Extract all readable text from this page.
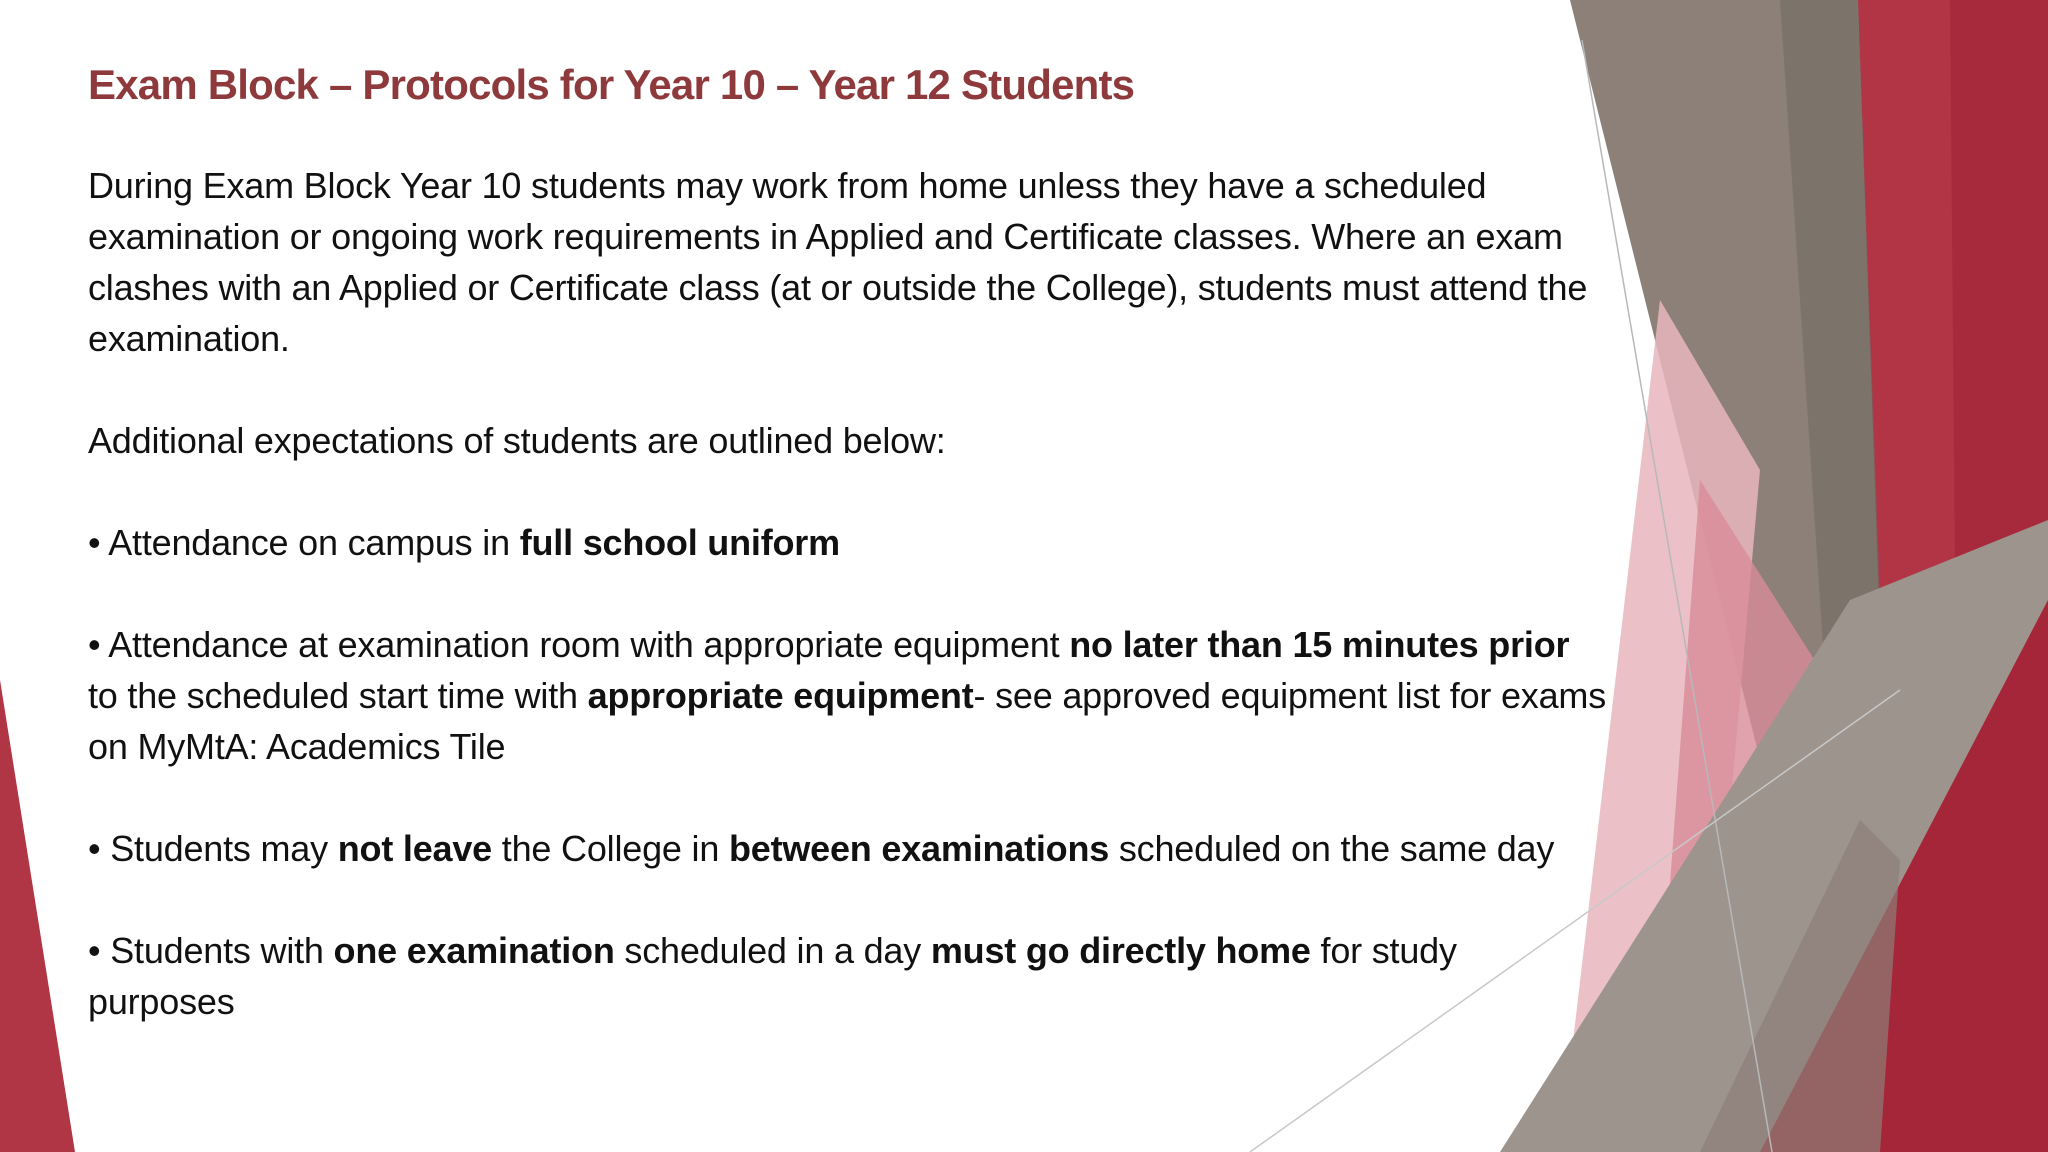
Exam Block – Protocols for Year 10 – Year 12 Students

During Exam Block Year 10 students may work from home unless they have a scheduled examination or ongoing work requirements in Applied and Certificate classes. Where an exam clashes with an Applied or Certificate class (at or outside the College), students must attend the examination.

Additional expectations of students are outlined below:

• Attendance on campus in full school uniform

• Attendance at examination room with appropriate equipment no later than 15 minutes prior to the scheduled start time with appropriate equipment- see approved equipment list for exams on MyMtA: Academics Tile

• Students may not leave the College in between examinations scheduled on the same day

• Students with one examination scheduled in a day must go directly home for study purposes
